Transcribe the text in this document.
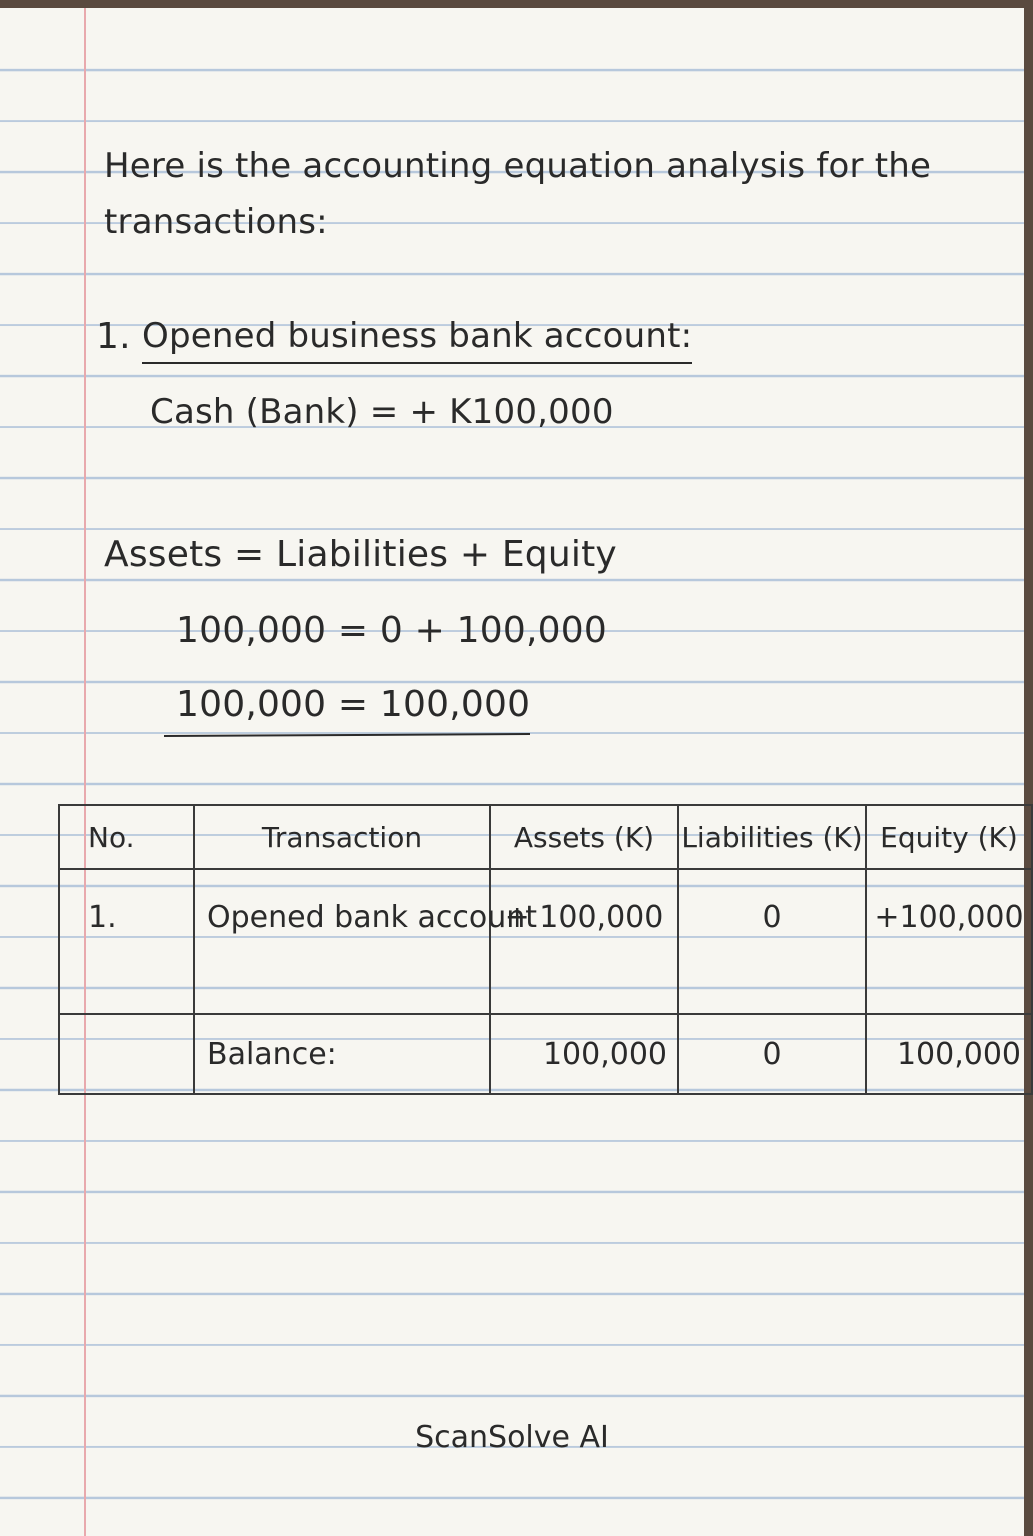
Here is the accounting equation analysis for the
transactions:
1. Opened business bank account:
Cash (Bank) = + K100,000
Assets = Liabilities + Equity
100,000 = 0 + 100,000
100,000 = 100,000
No.	Transaction	Assets (K)	Liabilities (K)	Equity (K)
1.	Opened bank account	+ 100,000	0	+100,000
	Balance:	100,000	0	100,000
ScanSolve AI
